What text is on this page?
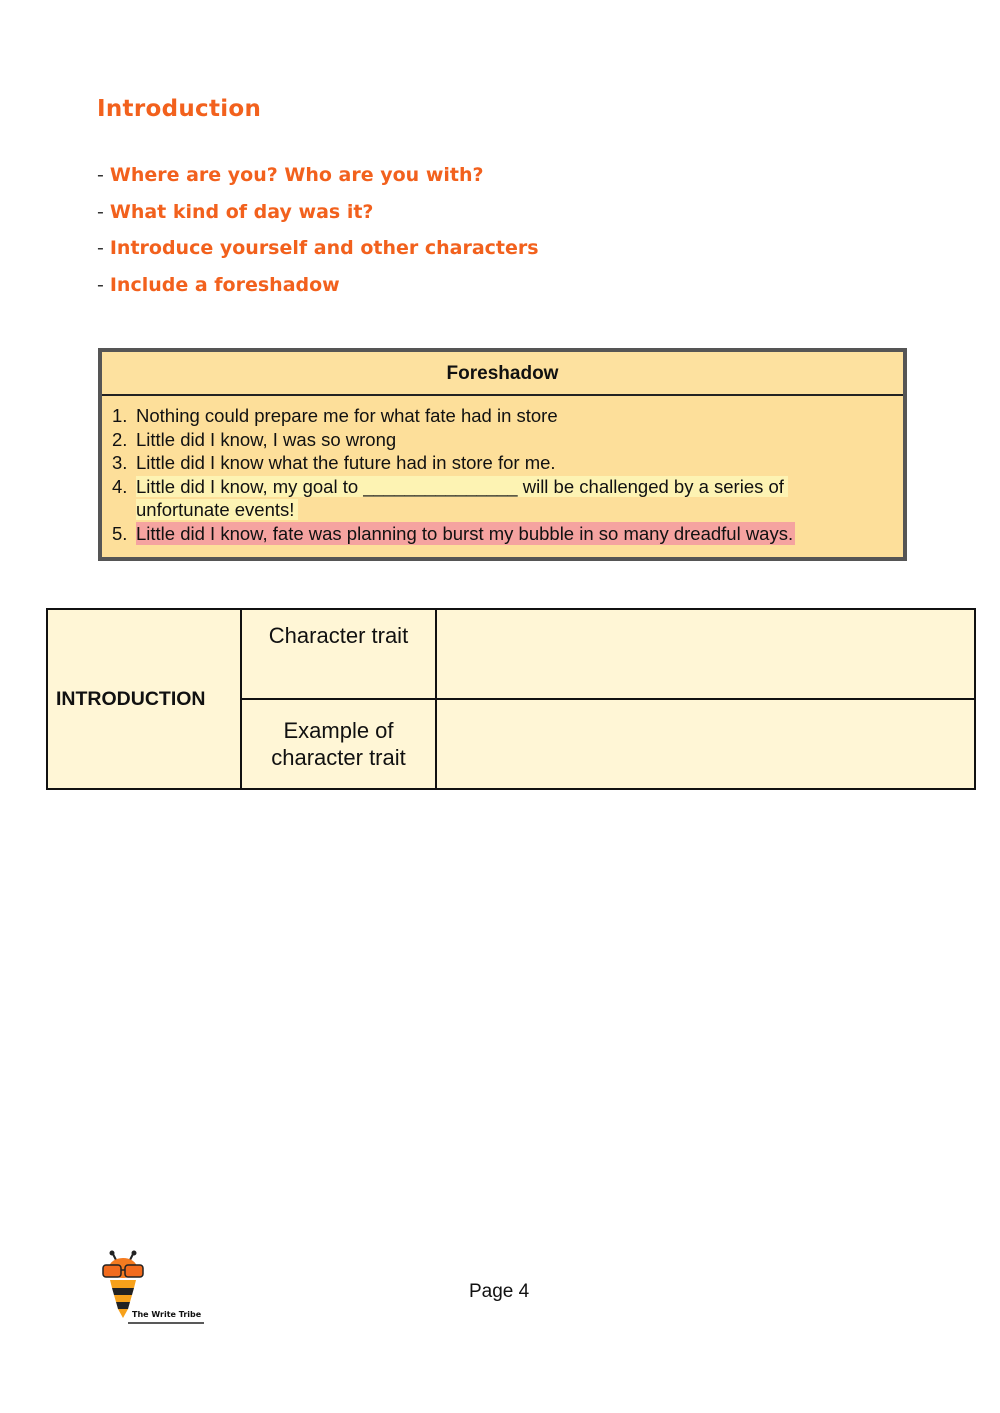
Introduction
- Where are you? Who are you with?
- What kind of day was it?
- Introduce yourself and other characters
- Include a foreshadow
Foreshadow
1. Nothing could prepare me for what fate had in store
2. Little did I know, I was so wrong
3. Little did I know what the future had in store for me.
4. Little did I know, my goal to _______________ will be challenged by a series of
unfortunate events!
5. Little did I know, fate was planning to burst my bubble in so many dreadful ways.
INTRODUCTION	Character trait	
	Example of
character trait	
The Write Tribe
Page 4
